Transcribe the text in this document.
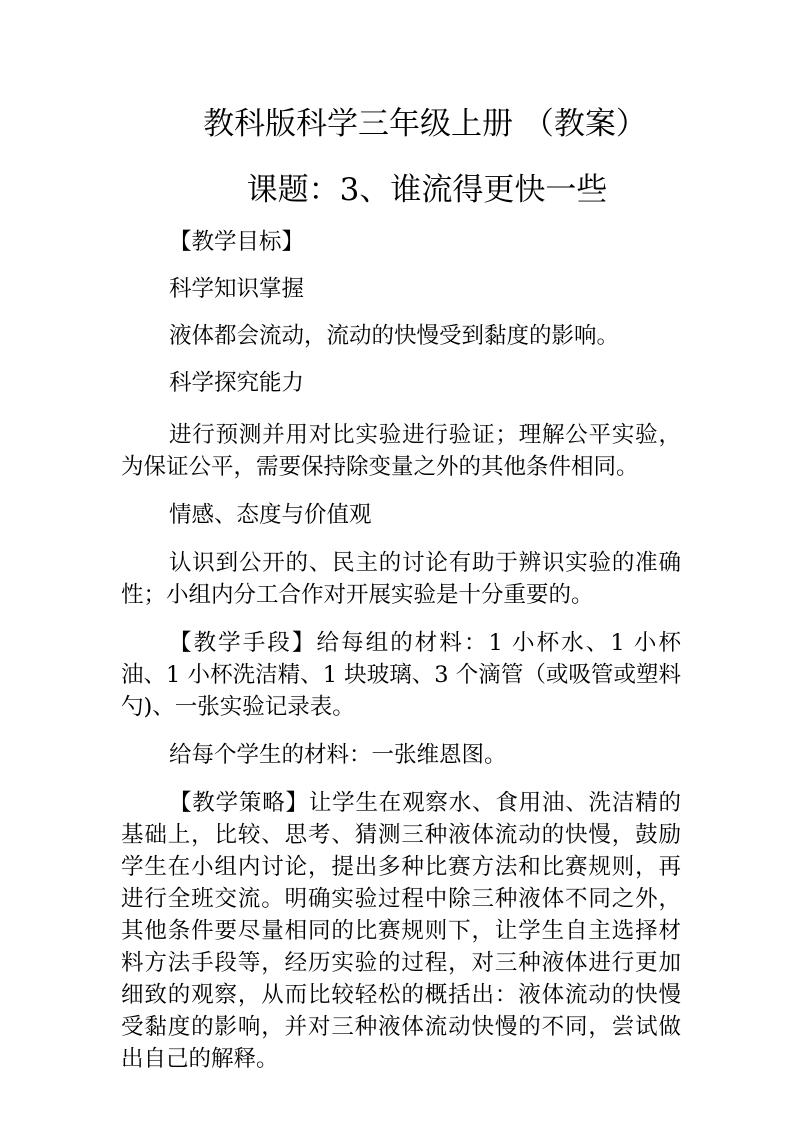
教科版科学三年级上册 （教案）
课题：3、谁流得更快一些

【教学目标】

科学知识掌握

液体都会流动，流动的快慢受到黏度的影响。

科学探究能力

进行预测并用对比实验进行验证；理解公平实验，为保证公平，需要保持除变量之外的其他条件相同。

情感、态度与价值观

认识到公开的、民主的讨论有助于辨识实验的准确性；小组内分工合作对开展实验是十分重要的。

【教学手段】给每组的材料：1 小杯水、1 小杯油、1 小杯洗洁精、1 块玻璃、3 个滴管（或吸管或塑料勺)、一张实验记录表。

给每个学生的材料：一张维恩图。

【教学策略】让学生在观察水、食用油、洗洁精的基础上，比较、思考、猜测三种液体流动的快慢，鼓励学生在小组内讨论，提出多种比赛方法和比赛规则，再进行全班交流。明确实验过程中除三种液体不同之外，其他条件要尽量相同的比赛规则下，让学生自主选择材料方法手段等，经历实验的过程，对三种液体进行更加细致的观察，从而比较轻松的概括出：液体流动的快慢受黏度的影响，并对三种液体流动快慢的不同，尝试做出自己的解释。
